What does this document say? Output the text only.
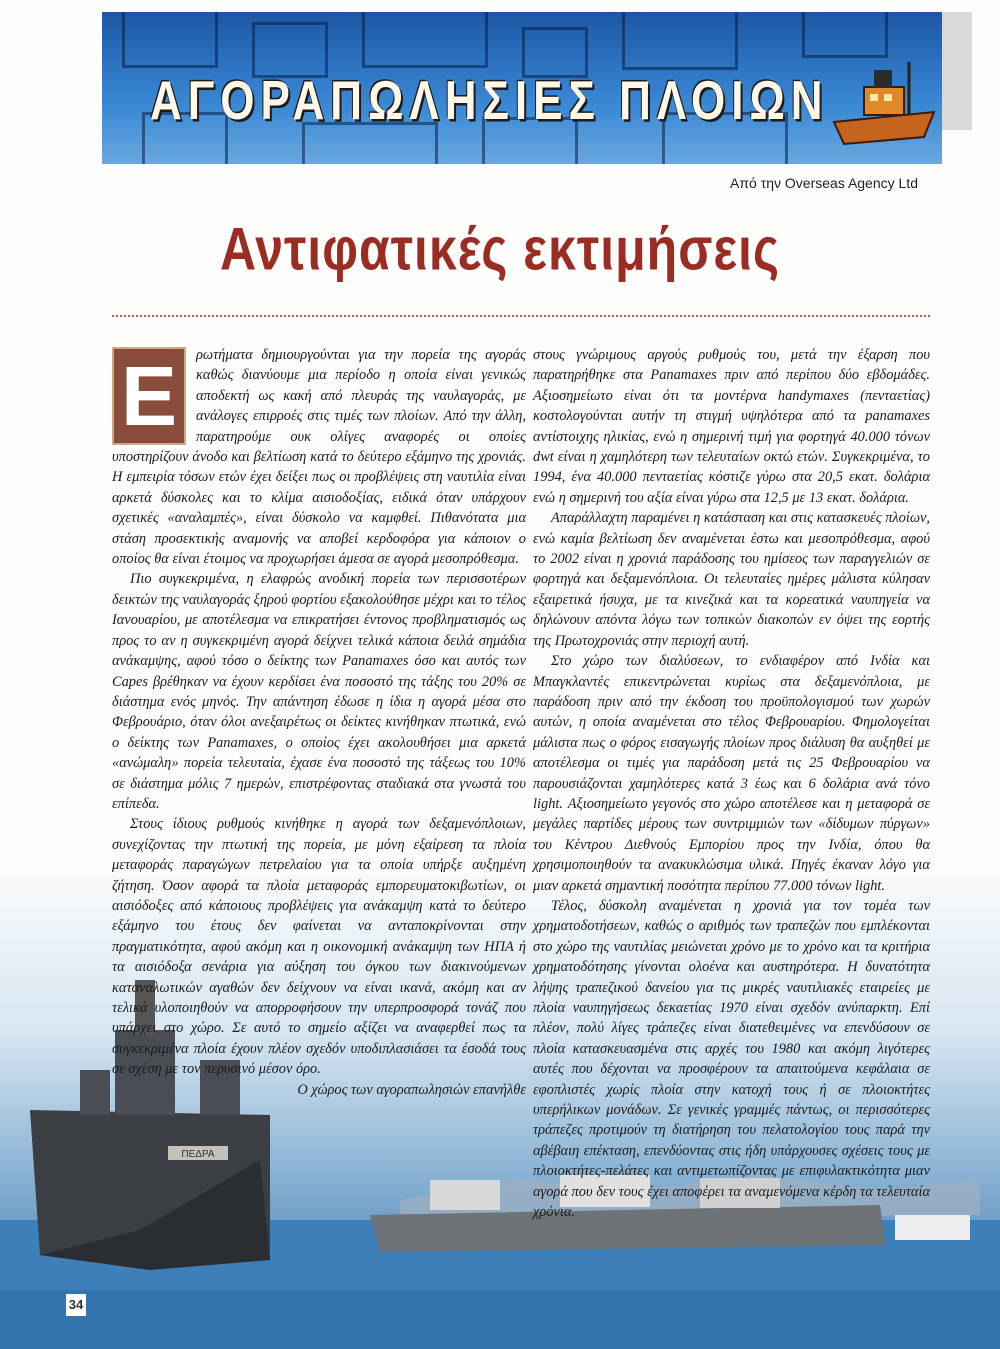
ΑΓΟΡΑΠΩΛΗΣΙΕΣ ΠΛΟΙΩΝ
Από την Overseas Agency Ltd
Αντιφατικές εκτιμήσεις
ΠΕΔΡΑ

Ε	ρωτήματα δημιουργούνται για την πορεία της αγοράς καθώς διανύουμε μια περίοδο η οποία είναι γενικώς αποδεκτή ως κακή από πλευράς της ναυλαγοράς, με ανάλογες επιρροές στις τιμές των πλοίων. Από την άλλη, παρατηρούμε ουκ ολίγες αναφορές οι οποίες υποστηρίζουν άνοδο και βελτίωση κατά το δεύτερο εξάμηνο της χρονιάς. Η εμπειρία τόσων ετών έχει δείξει πως οι προβλέψεις στη ναυτιλία είναι αρκετά δύσκολες και το κλίμα αισιοδοξίας, ειδικά όταν υπάρχουν σχετικές «αναλαμπές», είναι δύσκολο να καμφθεί. Πιθανότατα μια στάση προσεκτικής αναμονής να αποβεί κερδοφόρα για κάποιον ο οποίος θα είναι έτοιμος να προχωρήσει άμεσα σε αγορά μεσοπρόθεσμα.

Πιο συγκεκριμένα, η ελαφρώς ανοδική πορεία των περισσοτέρων δεικτών της ναυλαγοράς ξηρού φορτίου εξακολούθησε μέχρι και το τέλος Ιανουαρίου, με αποτέλεσμα να επικρατήσει έντονος προβληματισμός ως προς το αν η συγκεκριμένη αγορά δείχνει τελικά κάποια δειλά σημάδια ανάκαμψης, αφού τόσο ο δείκτης των Panamaxes όσο και αυτός των Capes βρέθηκαν να έχουν κερδίσει ένα ποσοστό της τάξης του 20% σε διάστημα ενός μηνός. Την απάντηση έδωσε η ίδια η αγορά μέσα στο Φεβρουάριο, όταν όλοι ανεξαιρέτως οι δείκτες κινήθηκαν πτωτικά, ενώ ο δείκτης των Panamaxes, ο οποίος έχει ακολουθήσει μια αρκετά «ανώμαλη» πορεία τελευταία, έχασε ένα ποσοστό της τάξεως του 10% σε διάστημα μόλις 7 ημερών, επιστρέφοντας σταδιακά στα γνωστά του επίπεδα.

Στους ίδιους ρυθμούς κινήθηκε η αγορά των δεξαμενόπλοιων, συνεχίζοντας την πτωτική της πορεία, με μόνη εξαίρεση τα πλοία μεταφοράς παραγώγων πετρελαίου για τα οποία υπήρξε αυξημένη ζήτηση. Όσον αφορά τα πλοία μεταφοράς εμπορευματοκιβωτίων, οι αισιόδοξες από κάποιους προβλέψεις για ανάκαμψη κατά το δεύτερο εξάμηνο του έτους δεν φαίνεται να ανταποκρίνονται στην πραγματικότητα, αφού ακόμη και η οικονομική ανάκαμψη των ΗΠΑ ή τα αισιόδοξα σενάρια για αύξηση του όγκου των διακινούμενων καταναλωτικών αγαθών δεν δείχνουν να είναι ικανά, ακόμη και αν τελικά υλοποιηθούν να απορροφήσουν την υπερπροσφορά τονάζ που υπάρχει στο χώρο. Σε αυτό το σημείο αξίζει να αναφερθεί πως τα συγκεκριμένα πλοία έχουν πλέον σχεδόν υποδιπλασιάσει τα έσοδά τους σε σχέση με τον περυσινό μέσον όρο.

Ο χώρος των αγοραπωλησιών επανήλθε

στους γνώριμους αργούς ρυθμούς του, μετά την έξαρση που παρατηρήθηκε στα Panamaxes πριν από περίπου δύο εβδομάδες. Αξιοσημείωτο είναι ότι τα μοντέρνα handymaxes (πενταετίας) κοστολογούνται αυτήν τη στιγμή υψηλότερα από τα panamaxes αντίστοιχης ηλικίας, ενώ η σημερινή τιμή για φορτηγά 40.000 τόνων dwt είναι η χαμηλότερη των τελευταίων οκτώ ετών. Συγκεκριμένα, το 1994, ένα 40.000 πενταετίας κόστιζε γύρω στα 20,5 εκατ. δολάρια ενώ η σημερινή του αξία είναι γύρω στα 12,5 με 13 εκατ. δολάρια.

Απαράλλαχτη παραμένει η κατάσταση και στις κατασκευές πλοίων, ενώ καμία βελτίωση δεν αναμένεται έστω και μεσοπρόθεσμα, αφού το 2002 είναι η χρονιά παράδοσης του ημίσεος των παραγγελιών σε φορτηγά και δεξαμενόπλοια. Οι τελευταίες ημέρες μάλιστα κύλησαν εξαιρετικά ήσυχα, με τα κινεζικά και τα κορεατικά ναυπηγεία να δηλώνουν απόντα λόγω των τοπικών διακοπών εν όψει της εορτής της Πρωτοχρονιάς στην περιοχή αυτή.

Στο χώρο των διαλύσεων, το ενδιαφέρον από Ινδία και Μπαγκλαντές επικεντρώνεται κυρίως στα δεξαμενόπλοια, με παράδοση πριν από την έκδοση του προϋπολογισμού των χωρών αυτών, η οποία αναμένεται στο τέλος Φεβρουαρίου. Φημολογείται μάλιστα πως ο φόρος εισαγωγής πλοίων προς διάλυση θα αυξηθεί με αποτέλεσμα οι τιμές για παράδοση μετά τις 25 Φεβρουαρίου να παρουσιάζονται χαμηλότερες κατά 3 έως και 6 δολάρια ανά τόνο light. Αξιοσημείωτο γεγονός στο χώρο αποτέλεσε και η μεταφορά σε μεγάλες παρτίδες μέρους των συντριμμιών των «δίδυμων πύργων» του Κέντρου Διεθνούς Εμπορίου προς την Ινδία, όπου θα χρησιμοποιηθούν τα ανακυκλώσιμα υλικά. Πηγές έκαναν λόγο για μιαν αρκετά σημαντική ποσότητα περίπου 77.000 τόνων light.

Τέλος, δύσκολη αναμένεται η χρονιά για τον τομέα των χρηματοδοτήσεων, καθώς ο αριθμός των τραπεζών που εμπλέκονται στο χώρο της ναυτιλίας μειώνεται χρόνο με το χρόνο και τα κριτήρια χρηματοδότησης γίνονται ολοένα και αυστηρότερα. Η δυνατότητα λήψης τραπεζικού δανείου για τις μικρές ναυτιλιακές εταιρείες με πλοία ναυπηγήσεως δεκαετίας 1970 είναι σχεδόν ανύπαρκτη. Επί πλέον, πολύ λίγες τράπεζες είναι διατεθειμένες να επενδύσουν σε πλοία κατασκευασμένα στις αρχές του 1980 και ακόμη λιγότερες αυτές που δέχονται να προσφέρουν τα απαιτούμενα κεφάλαια σε εφοπλιστές χωρίς πλοία στην κατοχή τους ή σε πλοιοκτήτες υπερήλικων μονάδων. Σε γενικές γραμμές πάντως, οι περισσότερες τράπεζες προτιμούν τη διατήρηση του πελατολογίου τους παρά την αβέβαιη επέκταση, επενδύοντας στις ήδη υπάρχουσες σχέσεις τους με πλοιοκτήτες-πελάτες και αντιμετωπίζοντας με επιφυλακτικότητα μιαν αγορά που δεν τους έχει αποφέρει τα αναμενόμενα κέρδη τα τελευταία χρόνια.

34
